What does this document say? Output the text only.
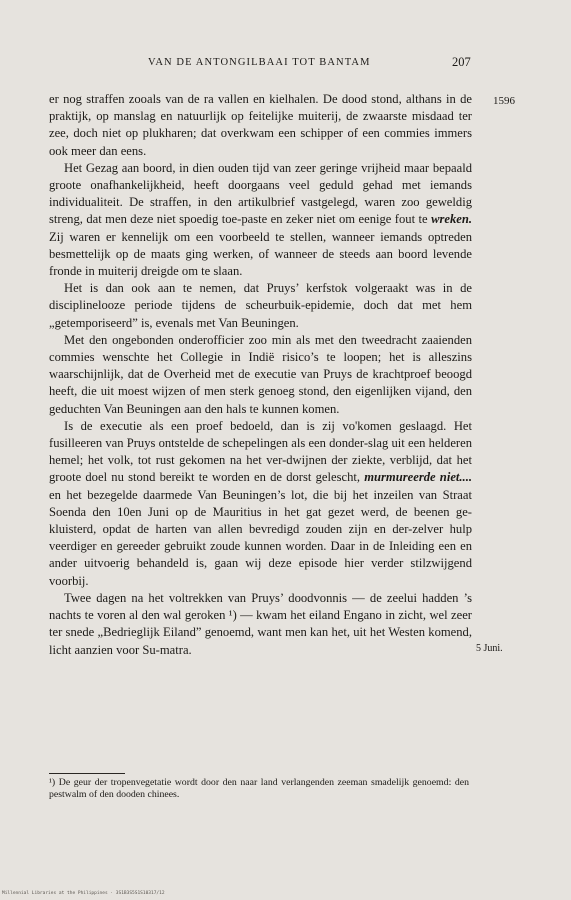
VAN DE ANTONGILBAAI TOT BANTAM	207
1596
5 Juni.

er nog straffen zooals van de ra vallen en kielhalen. De dood stond, althans in de praktijk, op manslag en natuurlijk op feitelijke muiterij, de zwaarste misdaad ter zee, doch niet op plukharen; dat overkwam een schipper of een commies immers ook meer dan eens.

Het Gezag aan boord, in dien ouden tijd van zeer geringe vrijheid maar bepaald groote onafhankelijkheid, heeft doorgaans veel geduld gehad met iemands individualiteit. De straffen, in den artikulbrief vastgelegd, waren zoo geweldig streng, dat men deze niet spoedig toe-paste en zeker niet om eenige fout te wreken. Zij waren er kennelijk om een voorbeeld te stellen, wanneer iemands optreden besmettelijk op de maats ging werken, of wanneer de steeds aan boord levende fronde in muiterij dreigde om te slaan.

Het is dan ook aan te nemen, dat Pruys’ kerfstok volgeraakt was in de disciplinelooze periode tijdens de scheurbuik-epidemie, doch dat met hem „getemporiseerd” is, evenals met Van Beuningen.

Met den ongebonden onderofficier zoo min als met den tweedracht zaaienden commies wenschte het Collegie in Indië risico’s te loopen; het is alleszins waarschijnlijk, dat de Overheid met de executie van Pruys de krachtproef beoogd heeft, die uit moest wijzen of men sterk genoeg stond, den eigenlijken vijand, den geduchten Van Beuningen aan den hals te kunnen komen.

Is de executie als een proef bedoeld, dan is zij vo'komen geslaagd. Het fusilleeren van Pruys ontstelde de schepelingen als een donder-slag uit een helderen hemel; het volk, tot rust gekomen na het ver-dwijnen der ziekte, verblijd, dat het groote doel nu stond bereikt te worden en de dorst gelescht, murmureerde niet.... en het bezegelde daarmede Van Beuningen’s lot, die bij het inzeilen van Straat Soenda den 10en Juni op de Mauritius in het gat gezet werd, de beenen ge-kluisterd, opdat de harten van allen bevredigd zouden zijn en der-zelver hulp veerdiger en gereeder gebruikt zoude kunnen worden. Daar in de Inleiding een en ander uitvoerig behandeld is, gaan wij deze episode hier verder stilzwijgend voorbij.

Twee dagen na het voltrekken van Pruys’ doodvonnis — de zeelui hadden ’s nachts te voren al den wal geroken ¹) — kwam het eiland Engano in zicht, wel zeer ter snede „Bedrieglijk Eiland” genoemd, want men kan het, uit het Westen komend, licht aanzien voor Su-matra.

¹) De geur der tropenvegetatie wordt door den naar land verlangenden zeeman smadelijk genoemd: den pestwalm of den dooden chinees.
Millennial Libraries at the Philippines · 3S1B3S5S1S10317/12
